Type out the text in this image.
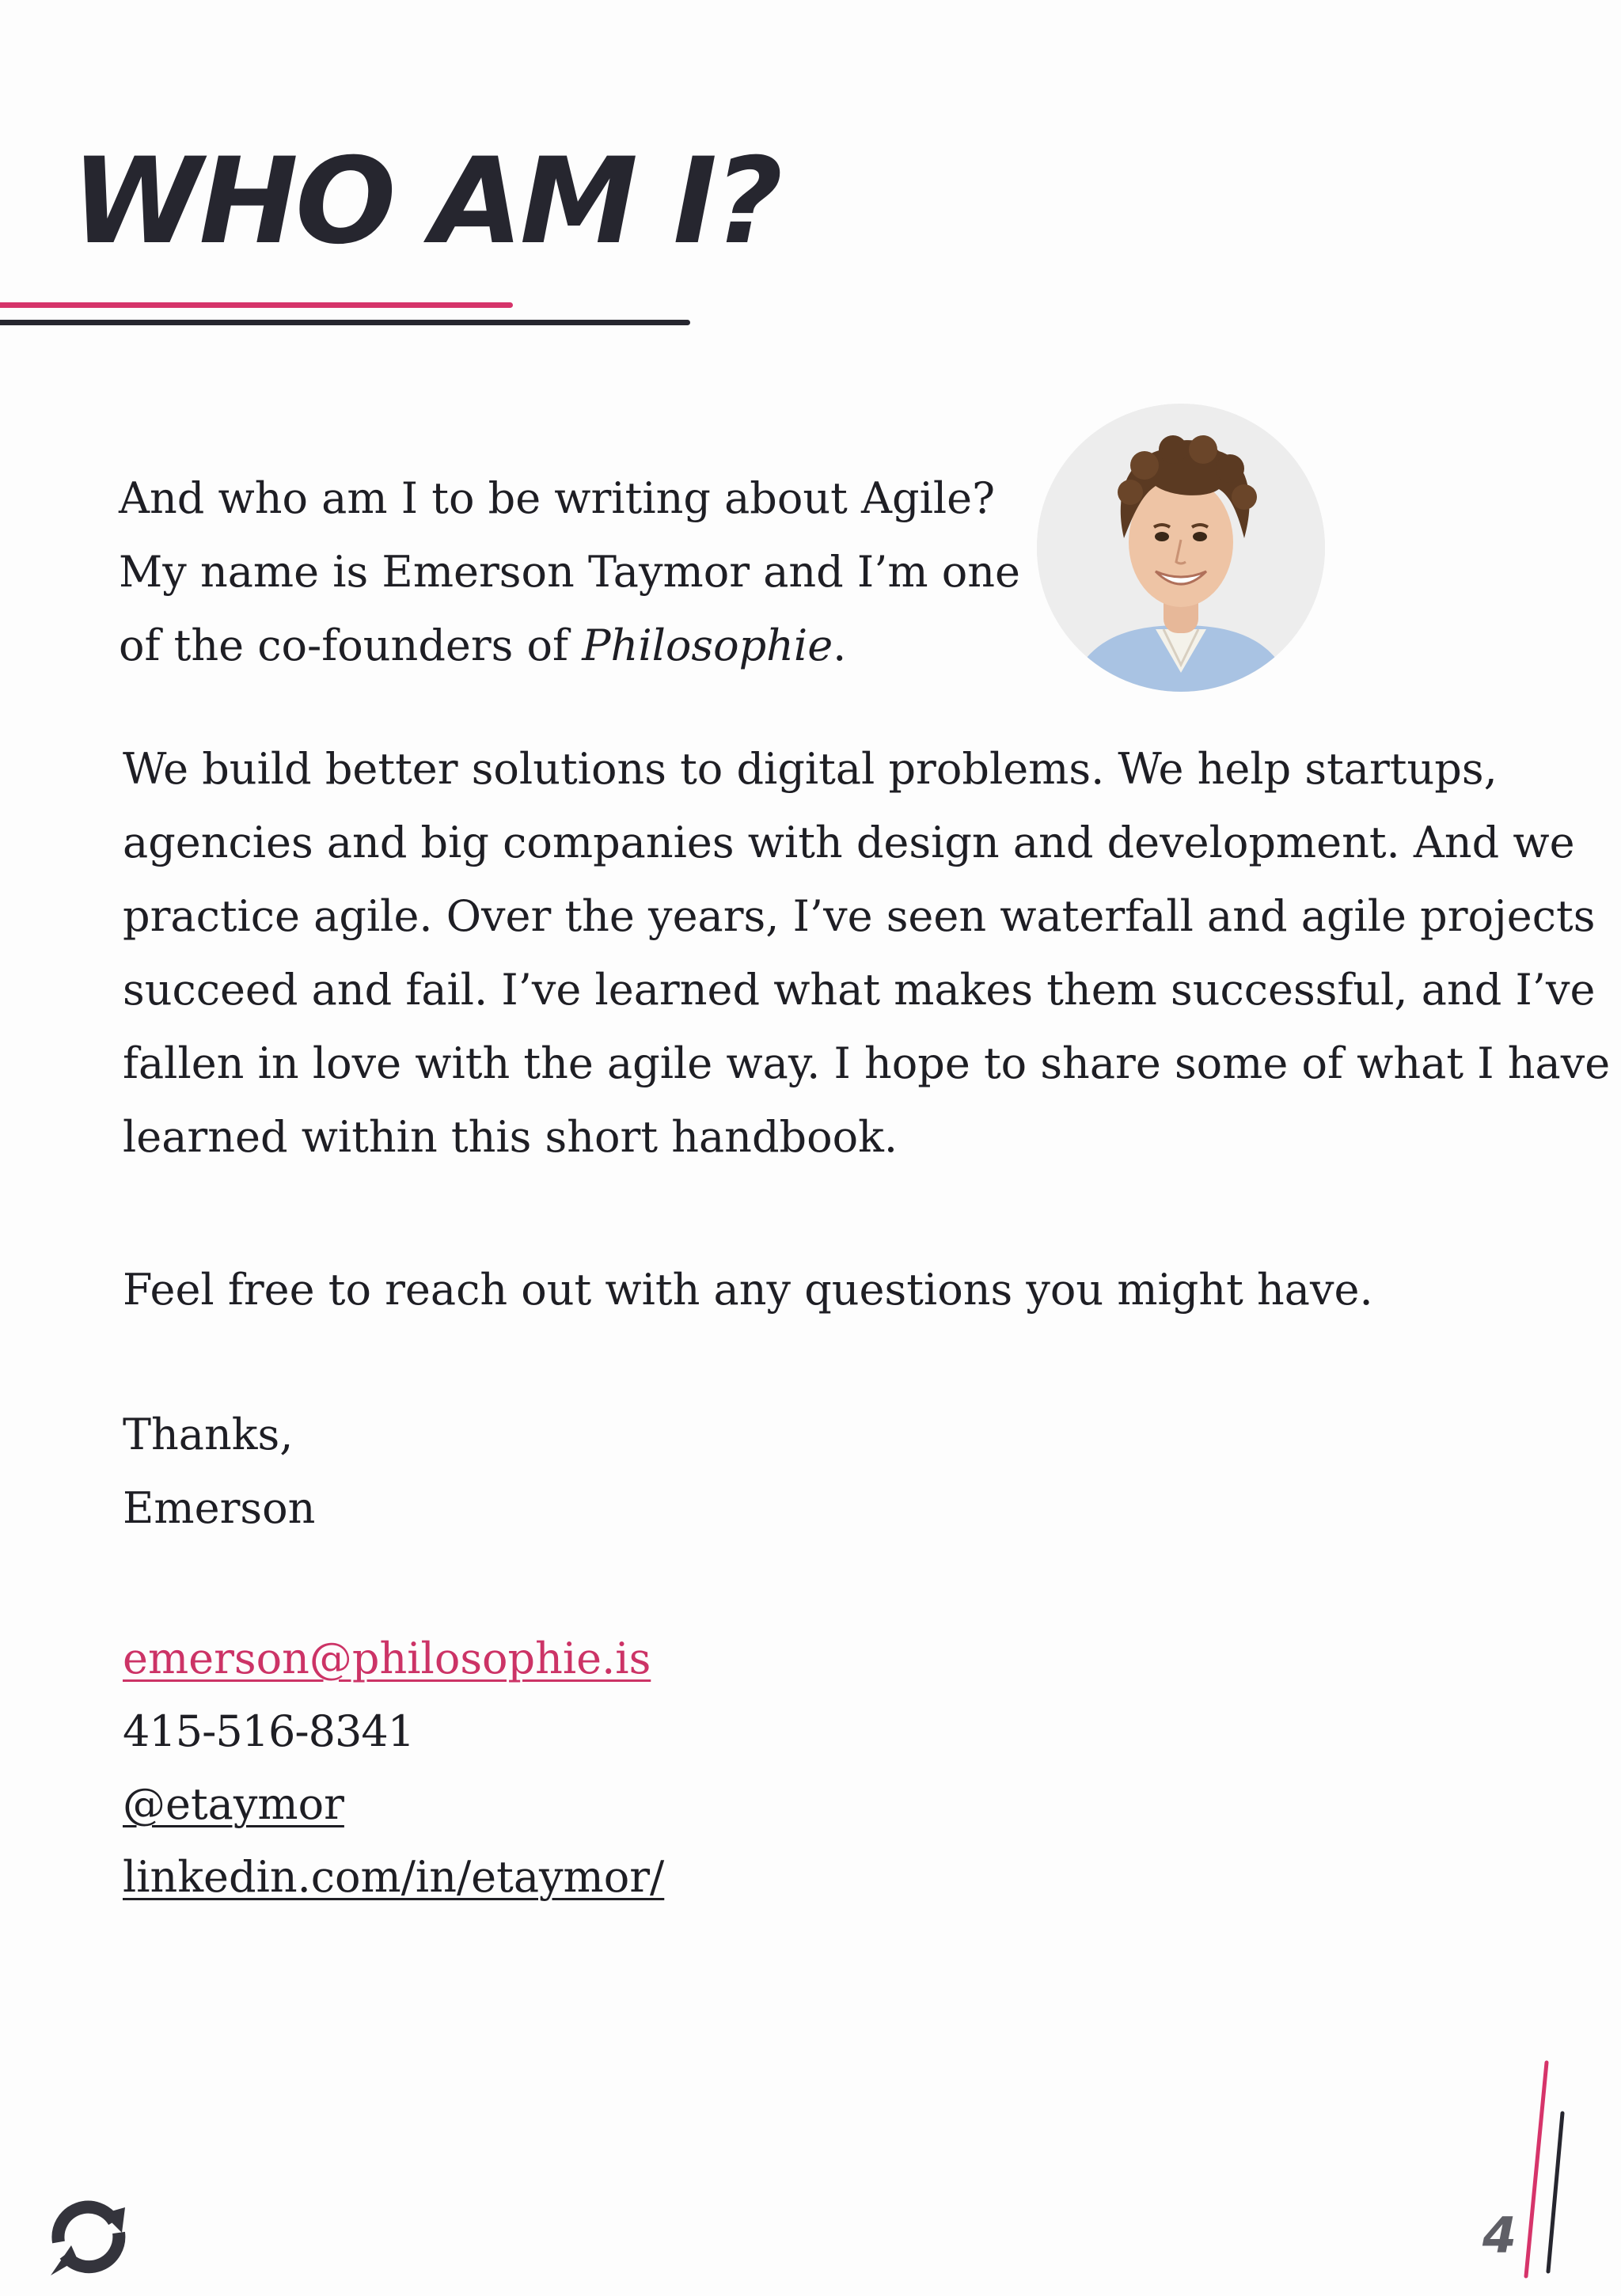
WHO AM I?

And who am I to be writing about Agile?
My name is Emerson Taymor and I’m one
of the co-founders of Philosophie.

We build better solutions to digital problems. We help startups,
agencies and big companies with design and development. And we
practice agile. Over the years, I’ve seen waterfall and agile projects
succeed and fail. I’ve learned what makes them successful, and I’ve
fallen in love with the agile way. I hope to share some of what I have
learned within this short handbook.

Feel free to reach out with any questions you might have.

Thanks,
Emerson

emerson@philosophie.is
415-516-8341
@etaymor
linkedin.com/in/etaymor/

4
